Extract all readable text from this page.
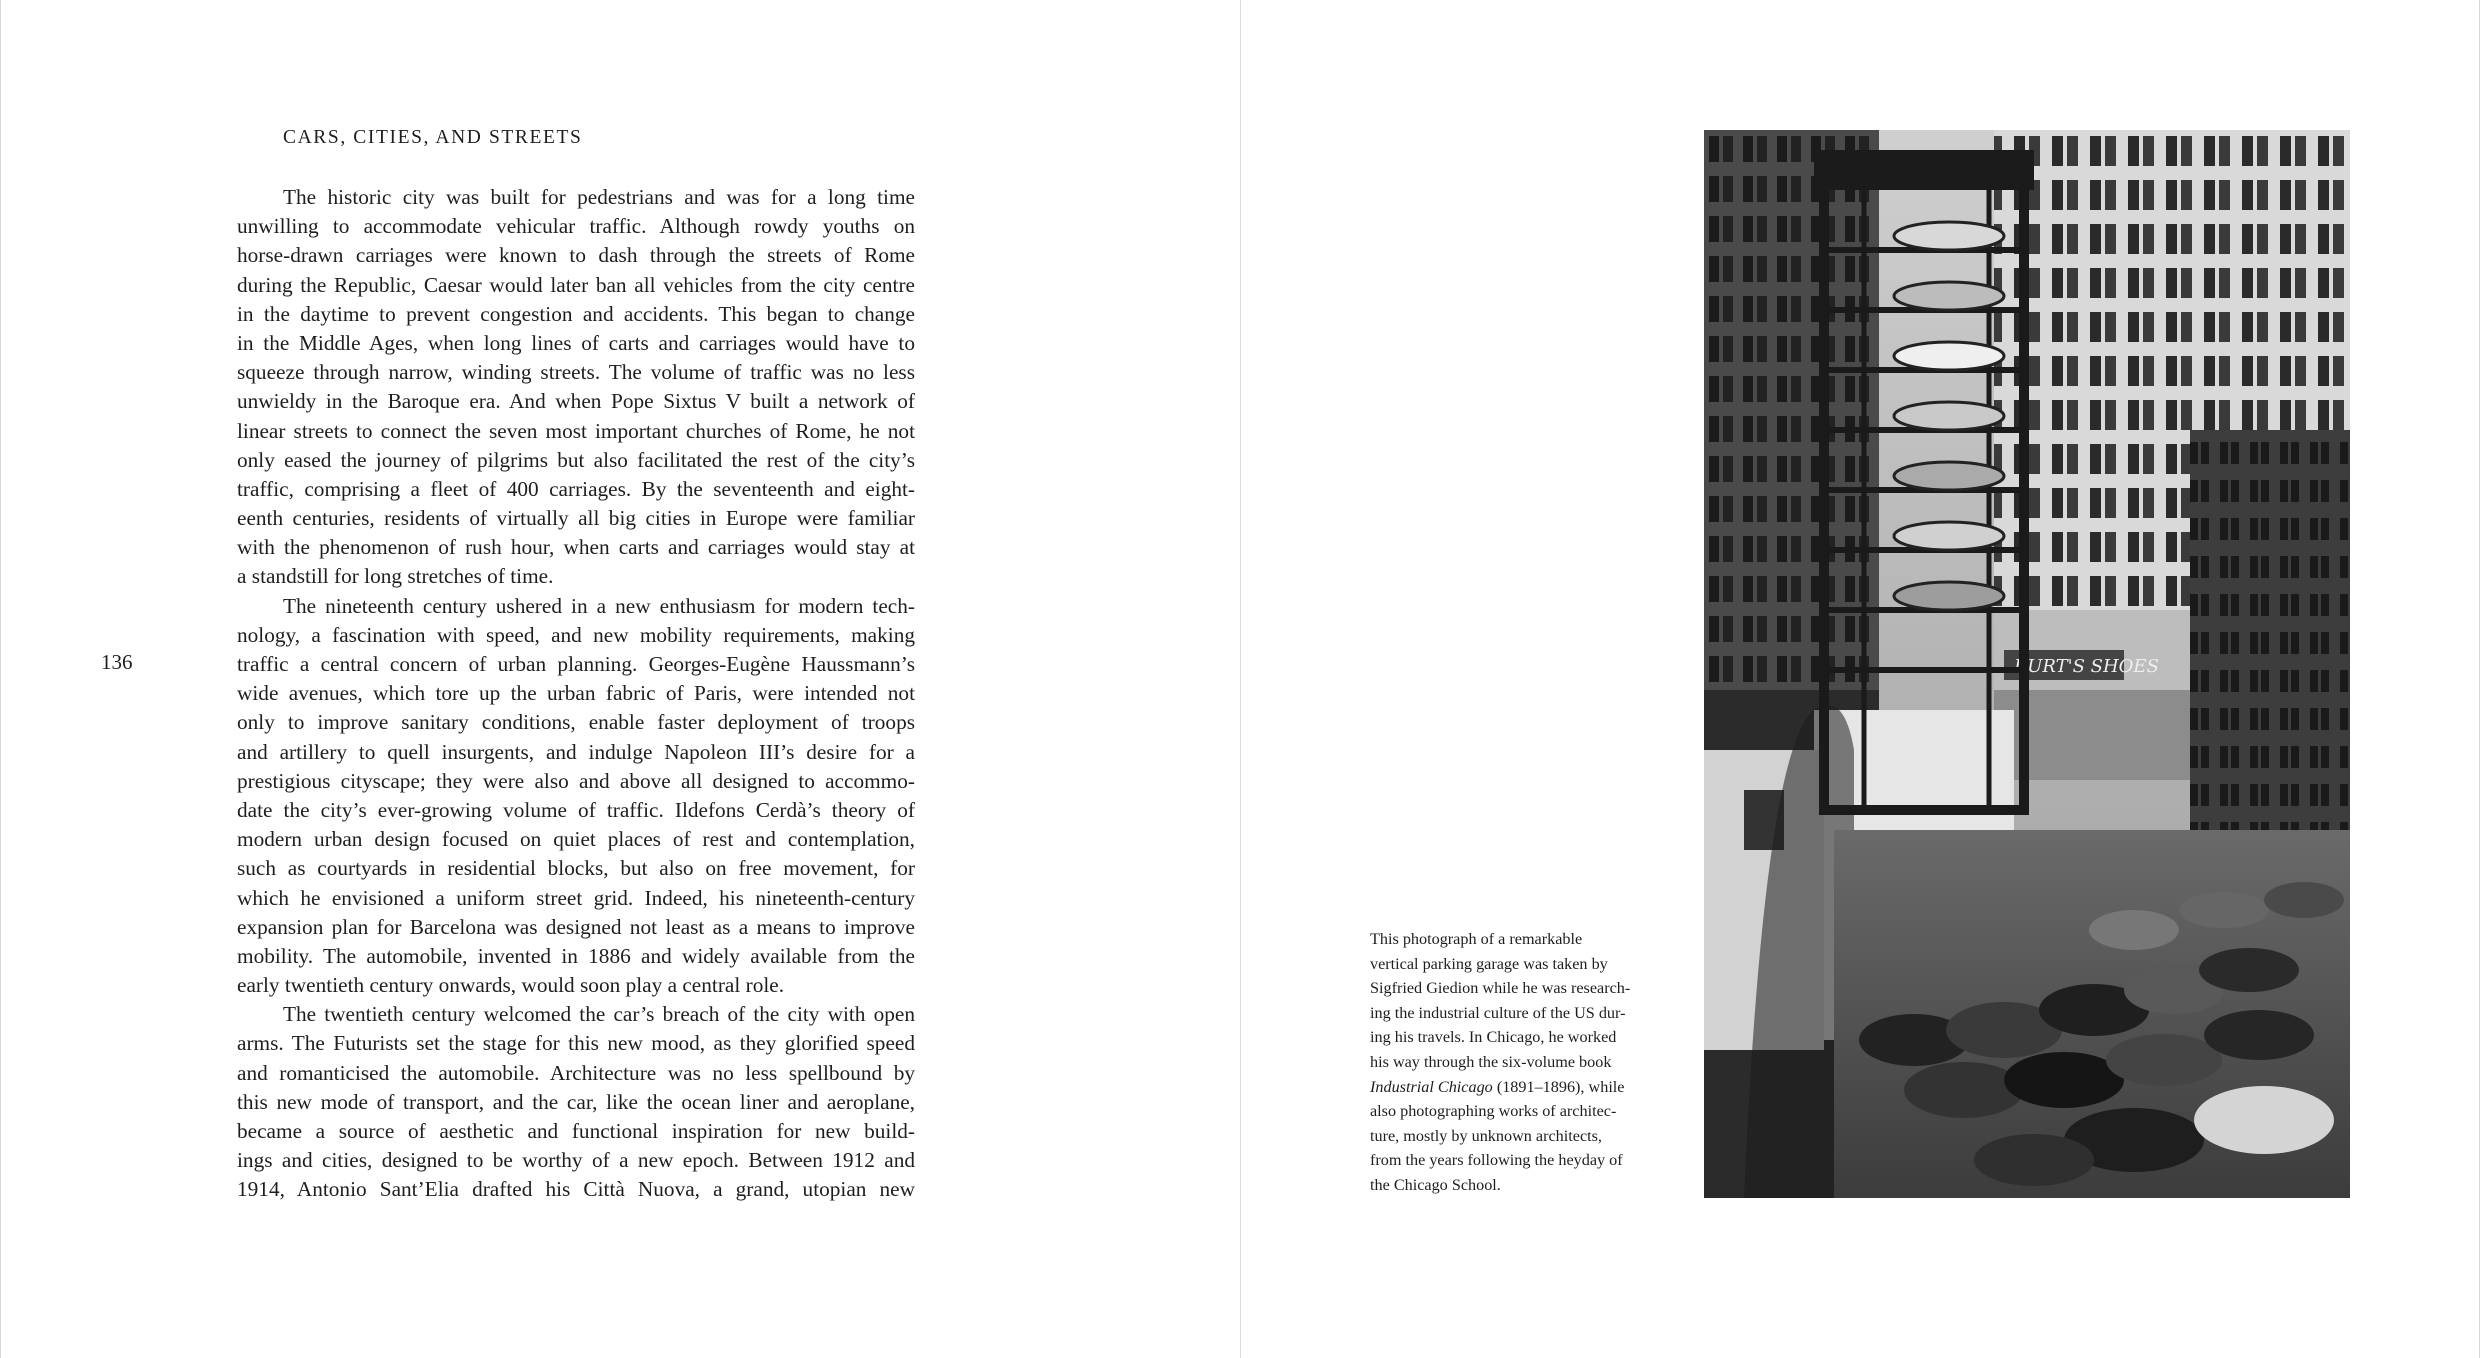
CARS, CITIES, AND STREETS
136
The historic city was built for pedestrians and was for a long time
unwilling to accommodate vehicular traffic. Although rowdy youths on
horse-drawn carriages were known to dash through the streets of Rome
during the Republic, Caesar would later ban all vehicles from the city centre
in the daytime to prevent congestion and accidents. This began to change
in the Middle Ages, when long lines of carts and carriages would have to
squeeze through narrow, winding streets. The volume of traffic was no less
unwieldy in the Baroque era. And when Pope Sixtus V built a network of
linear streets to connect the seven most important churches of Rome, he not
only eased the journey of pilgrims but also facilitated the rest of the city’s
traffic, comprising a fleet of 400 carriages. By the seventeenth and eight-
eenth centuries, residents of virtually all big cities in Europe were familiar
with the phenomenon of rush hour, when carts and carriages would stay at
a standstill for long stretches of time.
The nineteenth century ushered in a new enthusiasm for modern tech-
nology, a fascination with speed, and new mobility requirements, making
traffic a central concern of urban planning. Georges-Eugène Haussmann’s
wide avenues, which tore up the urban fabric of Paris, were intended not
only to improve sanitary conditions, enable faster deployment of troops
and artillery to quell insurgents, and indulge Napoleon III’s desire for a
prestigious cityscape; they were also and above all designed to accommo-
date the city’s ever-growing volume of traffic. Ildefons Cerdà’s theory of
modern urban design focused on quiet places of rest and contemplation,
such as courtyards in residential blocks, but also on free movement, for
which he envisioned a uniform street grid. Indeed, his nineteenth-century
expansion plan for Barcelona was designed not least as a means to improve
mobility. The automobile, invented in 1886 and widely available from the
early twentieth century onwards, would soon play a central role.
The twentieth century welcomed the car’s breach of the city with open
arms. The Futurists set the stage for this new mood, as they glorified speed
and romanticised the automobile. Architecture was no less spellbound by
this new mode of transport, and the car, like the ocean liner and aeroplane,
became a source of aesthetic and functional inspiration for new build-
ings and cities, designed to be worthy of a new epoch. Between 1912 and
1914, Antonio Sant’Elia drafted his Città Nuova, a grand, utopian new
This photograph of a remarkable
vertical parking garage was taken by
Sigfried Giedion while he was research-
ing the industrial culture of the US dur-
ing his travels. In Chicago, he worked
his way through the six-volume book
Industrial Chicago (1891–1896), while
also photographing works of architec-
ture, mostly by unknown architects,
from the years following the heyday of
the Chicago School.
BURT'S SHOES
